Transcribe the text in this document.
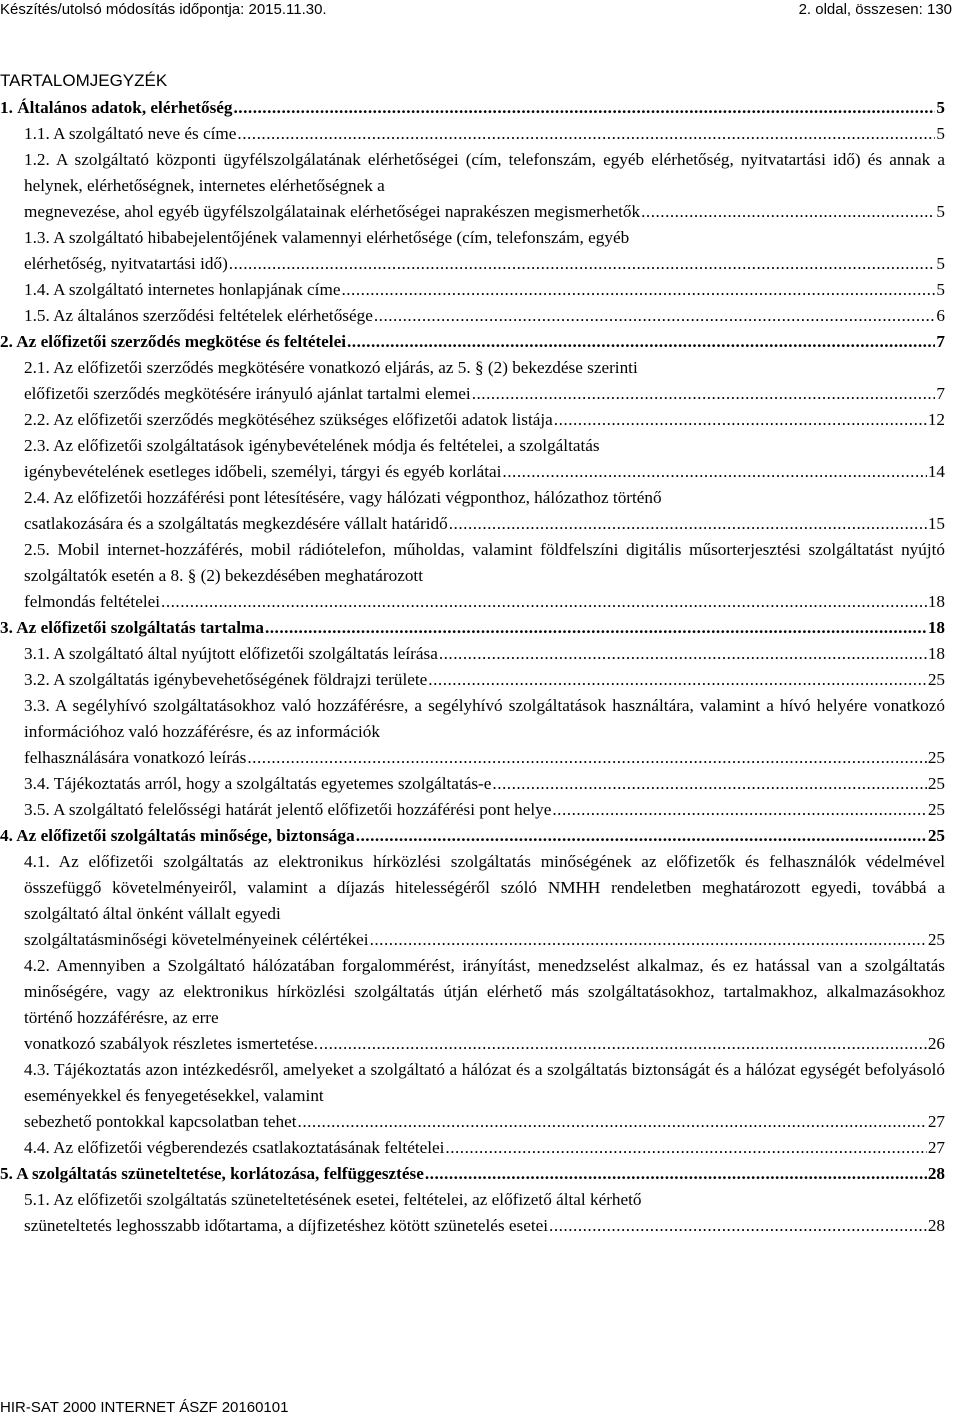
Készítés/utolsó módosítás időpontja: 2015.11.30.	2. oldal, összesen: 130
TARTALOMJEGYZÉK
1. Általános adatok, elérhetőség .....	5
1.1. A szolgáltató neve és címe .....	5
1.2. A szolgáltató központi ügyfélszolgálatának elérhetőségei (cím, telefonszám, egyéb elérhetőség, nyitvatartási idő) és annak a helynek, elérhetőségnek, internetes elérhetőségnek a
megnevezése, ahol egyéb ügyfélszolgálatainak elérhetőségei naprakészen megismerhetők .....	5
1.3. A szolgáltató hibabejelentőjének valamennyi elérhetősége (cím, telefonszám, egyéb
elérhetőség, nyitvatartási idő) .....	5
1.4. A szolgáltató internetes honlapjának címe .....	5
1.5. Az általános szerződési feltételek elérhetősége .....	6
2. Az előfizetői szerződés megkötése és feltételei .....	7
2.1. Az előfizetői szerződés megkötésére vonatkozó eljárás, az 5. § (2) bekezdése szerinti
előfizetői szerződés megkötésére irányuló ajánlat tartalmi elemei .....	7
2.2. Az előfizetői szerződés megkötéséhez szükséges előfizetői adatok listája .....	12
2.3. Az előfizetői szolgáltatások igénybevételének módja és feltételei, a szolgáltatás
igénybevételének esetleges időbeli, személyi, tárgyi és egyéb korlátai .....	14
2.4. Az előfizetői hozzáférési pont létesítésére, vagy hálózati végponthoz, hálózathoz történő
csatlakozására és a szolgáltatás megkezdésére vállalt határidő .....	15
2.5. Mobil internet-hozzáférés, mobil rádiótelefon, műholdas, valamint földfelszíni digitális műsorterjesztési szolgáltatást nyújtó szolgáltatók esetén a 8. § (2) bekezdésében meghatározott
felmondás feltételei .....	18
3. Az előfizetői szolgáltatás tartalma .....	18
3.1. A szolgáltató által nyújtott előfizetői szolgáltatás leírása .....	18
3.2. A szolgáltatás igénybevehetőségének földrajzi területe .....	25
3.3. A segélyhívó szolgáltatásokhoz való hozzáférésre, a segélyhívó szolgáltatások használtára, valamint a hívó helyére vonatkozó információhoz való hozzáférésre, és az információk
felhasználására vonatkozó leírás .....	25
3.4. Tájékoztatás arról, hogy a szolgáltatás egyetemes szolgáltatás-e .....	25
3.5. A szolgáltató felelősségi határát jelentő előfizetői hozzáférési pont helye .....	25
4. Az előfizetői szolgáltatás minősége, biztonsága .....	25
4.1. Az előfizetői szolgáltatás az elektronikus hírközlési szolgáltatás minőségének az előfizetők és felhasználók védelmével összefüggő követelményeiről, valamint a díjazás hitelességéről szóló NMHH rendeletben meghatározott egyedi, továbbá a szolgáltató által önként vállalt egyedi
szolgáltatásminőségi követelményeinek célértékei .....	25
4.2. Amennyiben a Szolgáltató hálózatában forgalommérést, irányítást, menedzselést alkalmaz, és ez hatással van a szolgáltatás minőségére, vagy az elektronikus hírközlési szolgáltatás útján elérhető más szolgáltatásokhoz, tartalmakhoz, alkalmazásokhoz történő hozzáférésre, az erre
vonatkozó szabályok részletes ismertetése. .....	26
4.3. Tájékoztatás azon intézkedésről, amelyeket a szolgáltató a hálózat és a szolgáltatás biztonságát és a hálózat egységét befolyásoló eseményekkel és fenyegetésekkel, valamint
sebezhető pontokkal kapcsolatban tehet .....	27
4.4. Az előfizetői végberendezés csatlakoztatásának feltételei .....	27
5. A szolgáltatás szüneteltetése, korlátozása, felfüggesztése .....	28
5.1. Az előfizetői szolgáltatás szüneteltetésének esetei, feltételei, az előfizető által kérhető
szüneteltetés leghosszabb időtartama, a díjfizetéshez kötött szünetelés esetei .....	28
HIR-SAT 2000 INTERNET ÁSZF 20160101
